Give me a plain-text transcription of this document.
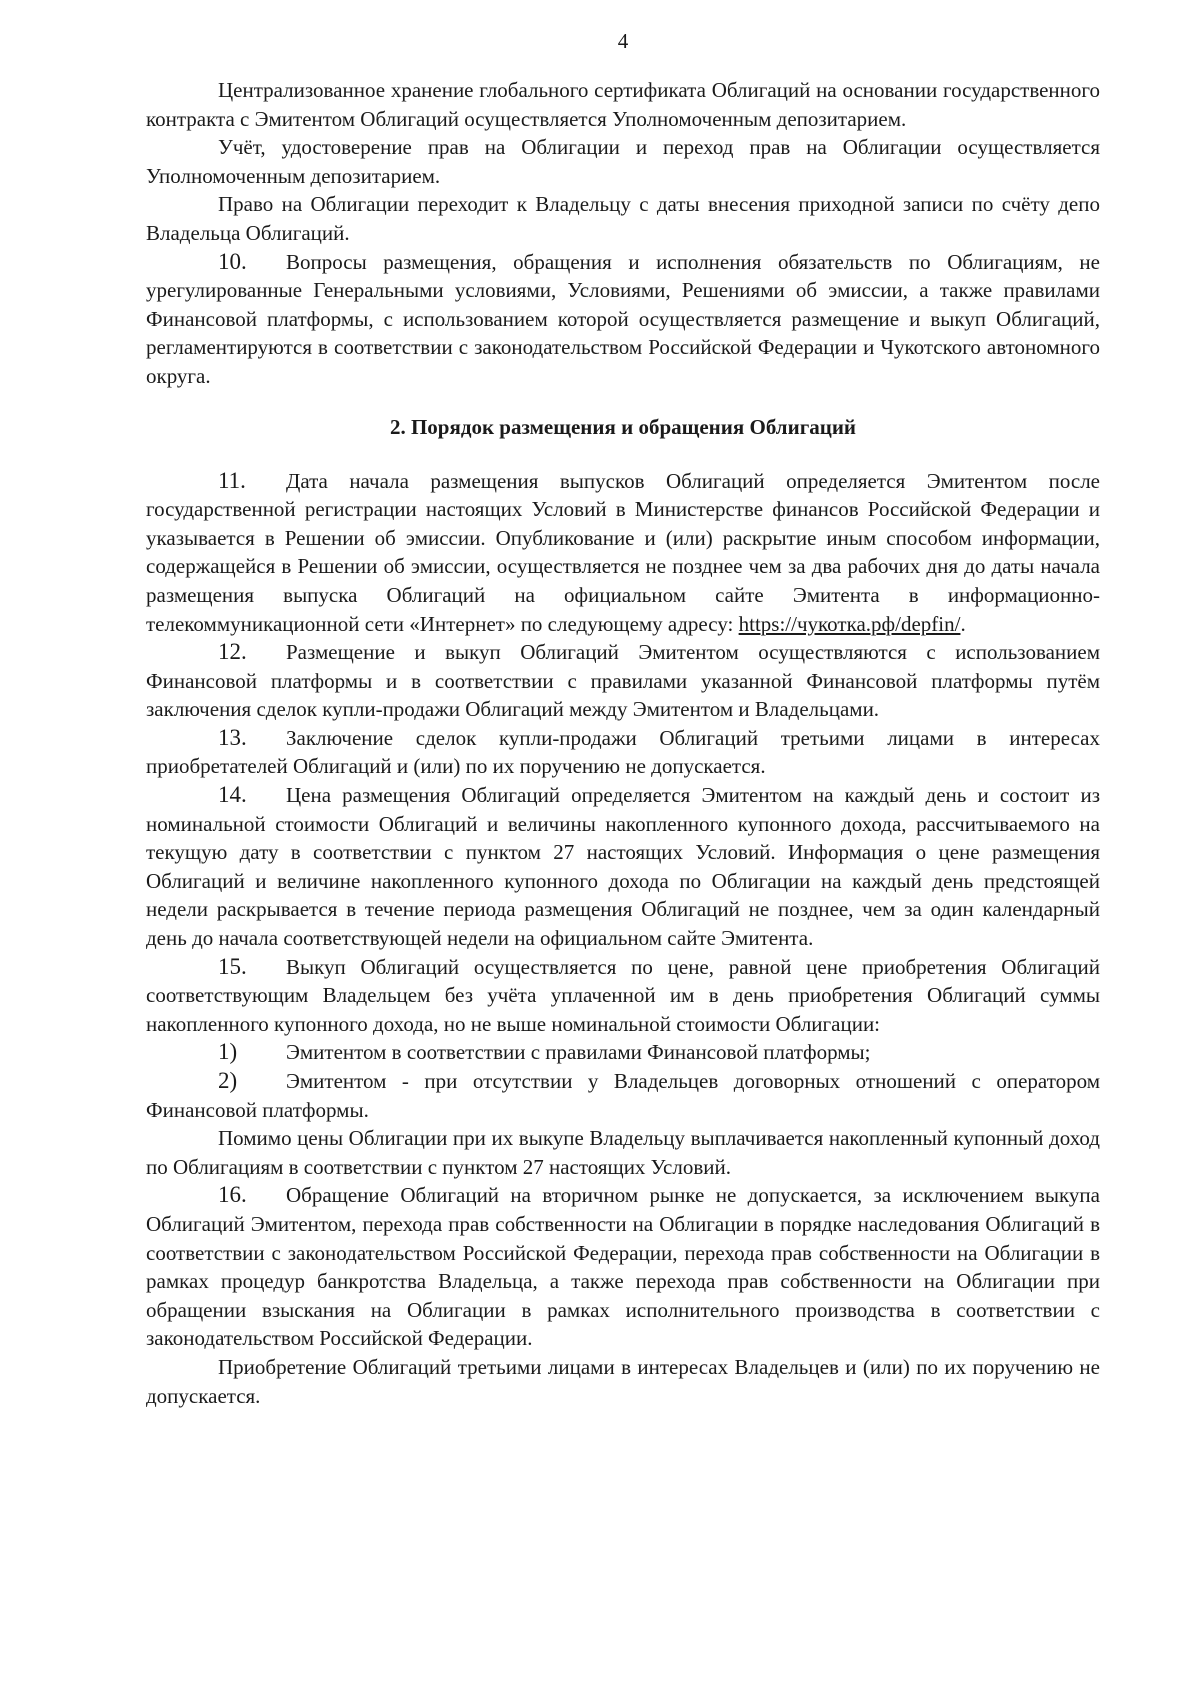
4

Централизованное хранение глобального сертификата Облигаций на основании государственного контракта с Эмитентом Облигаций осуществляется Уполномоченным депозитарием.

Учёт, удостоверение прав на Облигации и переход прав на Облигации осуществляется Уполномоченным депозитарием.

Право на Облигации переходит к Владельцу с даты внесения приходной записи по счёту депо Владельца Облигаций.

10. Вопросы размещения, обращения и исполнения обязательств по Облигациям, не урегулированные Генеральными условиями, Условиями, Решениями об эмиссии, а также правилами Финансовой платформы, с использованием которой осуществляется размещение и выкуп Облигаций, регламентируются в соответствии с законодательством Российской Федерации и Чукотского автономного округа.

2. Порядок размещения и обращения Облигаций

11. Дата начала размещения выпусков Облигаций определяется Эмитентом после государственной регистрации настоящих Условий в Министерстве финансов Российской Федерации и указывается в Решении об эмиссии. Опубликование и (или) раскрытие иным способом информации, содержащейся в Решении об эмиссии, осуществляется не позднее чем за два рабочих дня до даты начала размещения выпуска Облигаций на официальном сайте Эмитента в информационно-телекоммуникационной сети «Интернет» по следующему адресу: https://чукотка.рф/depfin/.

12. Размещение и выкуп Облигаций Эмитентом осуществляются с использованием Финансовой платформы и в соответствии с правилами указанной Финансовой платформы путём заключения сделок купли-продажи Облигаций между Эмитентом и Владельцами.

13. Заключение сделок купли-продажи Облигаций третьими лицами в интересах приобретателей Облигаций и (или) по их поручению не допускается.

14. Цена размещения Облигаций определяется Эмитентом на каждый день и состоит из номинальной стоимости Облигаций и величины накопленного купонного дохода, рассчитываемого на текущую дату в соответствии с пунктом 27 настоящих Условий. Информация о цене размещения Облигаций и величине накопленного купонного дохода по Облигации на каждый день предстоящей недели раскрывается в течение периода размещения Облигаций не позднее, чем за один календарный день до начала соответствующей недели на официальном сайте Эмитента.

15. Выкуп Облигаций осуществляется по цене, равной цене приобретения Облигаций соответствующим Владельцем без учёта уплаченной им в день приобретения Облигаций суммы накопленного купонного дохода, но не выше номинальной стоимости Облигации:

1) Эмитентом в соответствии с правилами Финансовой платформы;

2) Эмитентом - при отсутствии у Владельцев договорных отношений с оператором Финансовой платформы.

Помимо цены Облигации при их выкупе Владельцу выплачивается накопленный купонный доход по Облигациям в соответствии с пунктом 27 настоящих Условий.

16. Обращение Облигаций на вторичном рынке не допускается, за исключением выкупа Облигаций Эмитентом, перехода прав собственности на Облигации в порядке наследования Облигаций в соответствии с законодательством Российской Федерации, перехода прав собственности на Облигации в рамках процедур банкротства Владельца, а также перехода прав собственности на Облигации при обращении взыскания на Облигации в рамках исполнительного производства в соответствии с законодательством Российской Федерации.

Приобретение Облигаций третьими лицами в интересах Владельцев и (или) по их поручению не допускается.
